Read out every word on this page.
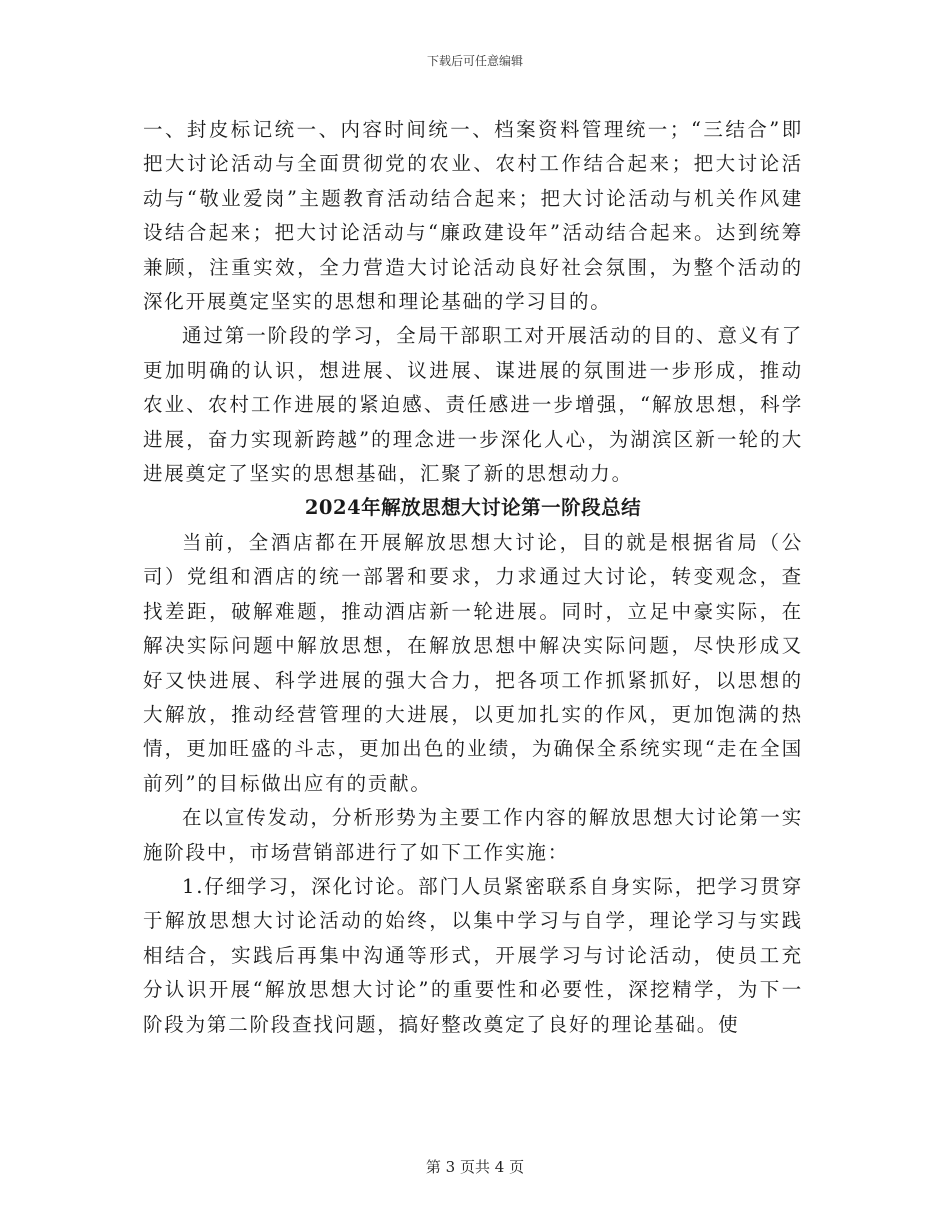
下载后可任意编辑

一、封皮标记统一、内容时间统一、档案资料管理统一；“三结合”即把大讨论活动与全面贯彻党的农业、农村工作结合起来；把大讨论活动与“敬业爱岗”主题教育活动结合起来；把大讨论活动与机关作风建设结合起来；把大讨论活动与“廉政建设年”活动结合起来。达到统筹兼顾，注重实效，全力营造大讨论活动良好社会氛围，为整个活动的深化开展奠定坚实的思想和理论基础的学习目的。

通过第一阶段的学习，全局干部职工对开展活动的目的、意义有了更加明确的认识，想进展、议进展、谋进展的氛围进一步形成，推动农业、农村工作进展的紧迫感、责任感进一步增强，“解放思想，科学进展，奋力实现新跨越”的理念进一步深化人心，为湖滨区新一轮的大进展奠定了坚实的思想基础，汇聚了新的思想动力。

2024年解放思想大讨论第一阶段总结

当前，全酒店都在开展解放思想大讨论，目的就是根据省局（公司）党组和酒店的统一部署和要求，力求通过大讨论，转变观念，查找差距，破解难题，推动酒店新一轮进展。同时，立足中豪实际，在解决实际问题中解放思想，在解放思想中解决实际问题，尽快形成又好又快进展、科学进展的强大合力，把各项工作抓紧抓好，以思想的大解放，推动经营管理的大进展，以更加扎实的作风，更加饱满的热情，更加旺盛的斗志，更加出色的业绩，为确保全系统实现“走在全国前列”的目标做出应有的贡献。

在以宣传发动，分析形势为主要工作内容的解放思想大讨论第一实施阶段中，市场营销部进行了如下工作实施：

1.仔细学习，深化讨论。部门人员紧密联系自身实际，把学习贯穿于解放思想大讨论活动的始终，以集中学习与自学，理论学习与实践相结合，实践后再集中沟通等形式，开展学习与讨论活动，使员工充分认识开展“解放思想大讨论”的重要性和必要性，深挖精学，为下一阶段为第二阶段查找问题，搞好整改奠定了良好的理论基础。使

第 3 页共 4 页
